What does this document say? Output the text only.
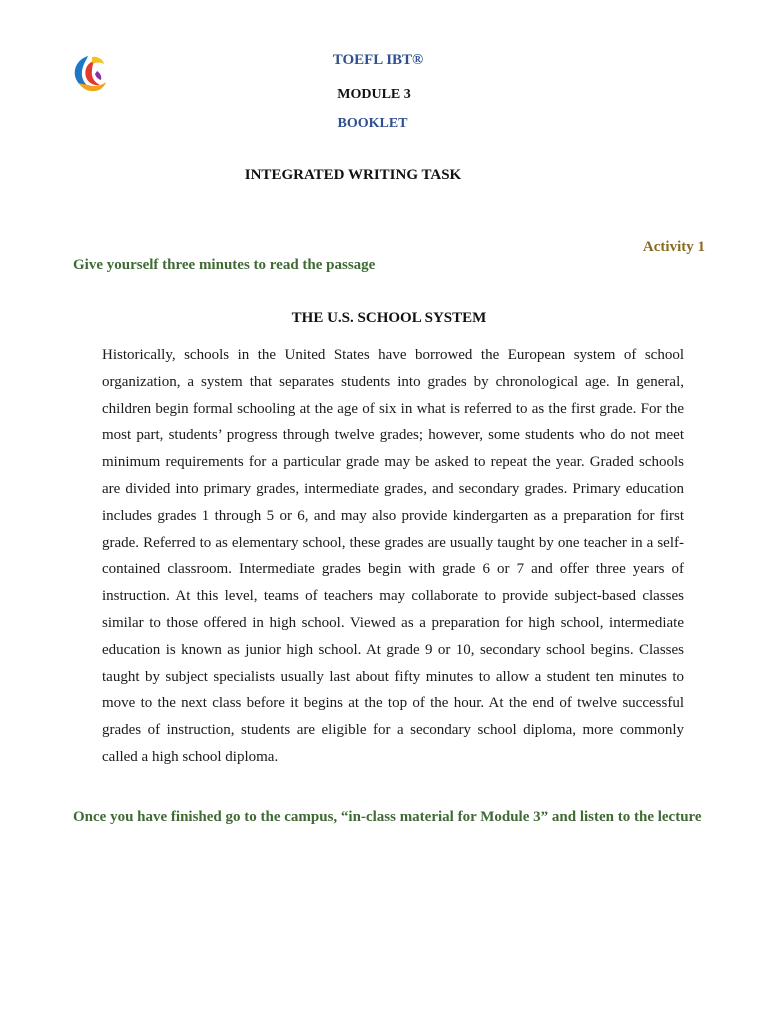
TOEFL IBT®
MODULE 3
BOOKLET
INTEGRATED WRITING TASK
Activity 1
Give yourself three minutes to read the passage
THE U.S. SCHOOL SYSTEM
Historically, schools in the United States have borrowed the European system of school organization, a system that separates students into grades by chronological age. In general, children begin formal schooling at the age of six in what is referred to as the first grade. For the most part, students’ progress through twelve grades; however, some students who do not meet minimum requirements for a particular grade may be asked to repeat the year. Graded schools are divided into primary grades, intermediate grades, and secondary grades. Primary education includes grades 1 through 5 or 6, and may also provide kindergarten as a preparation for first grade. Referred to as elementary school, these grades are usually taught by one teacher in a self-contained classroom. Intermediate grades begin with grade 6 or 7 and offer three years of instruction. At this level, teams of teachers may collaborate to provide subject-based classes similar to those offered in high school. Viewed as a preparation for high school, intermediate education is known as junior high school. At grade 9 or 10, secondary school begins. Classes taught by subject specialists usually last about fifty minutes to allow a student ten minutes to move to the next class before it begins at the top of the hour. At the end of twelve successful grades of instruction, students are eligible for a secondary school diploma, more commonly called a high school diploma.
Once you have finished go to the campus, “in-class material for Module 3” and listen to the lecture
